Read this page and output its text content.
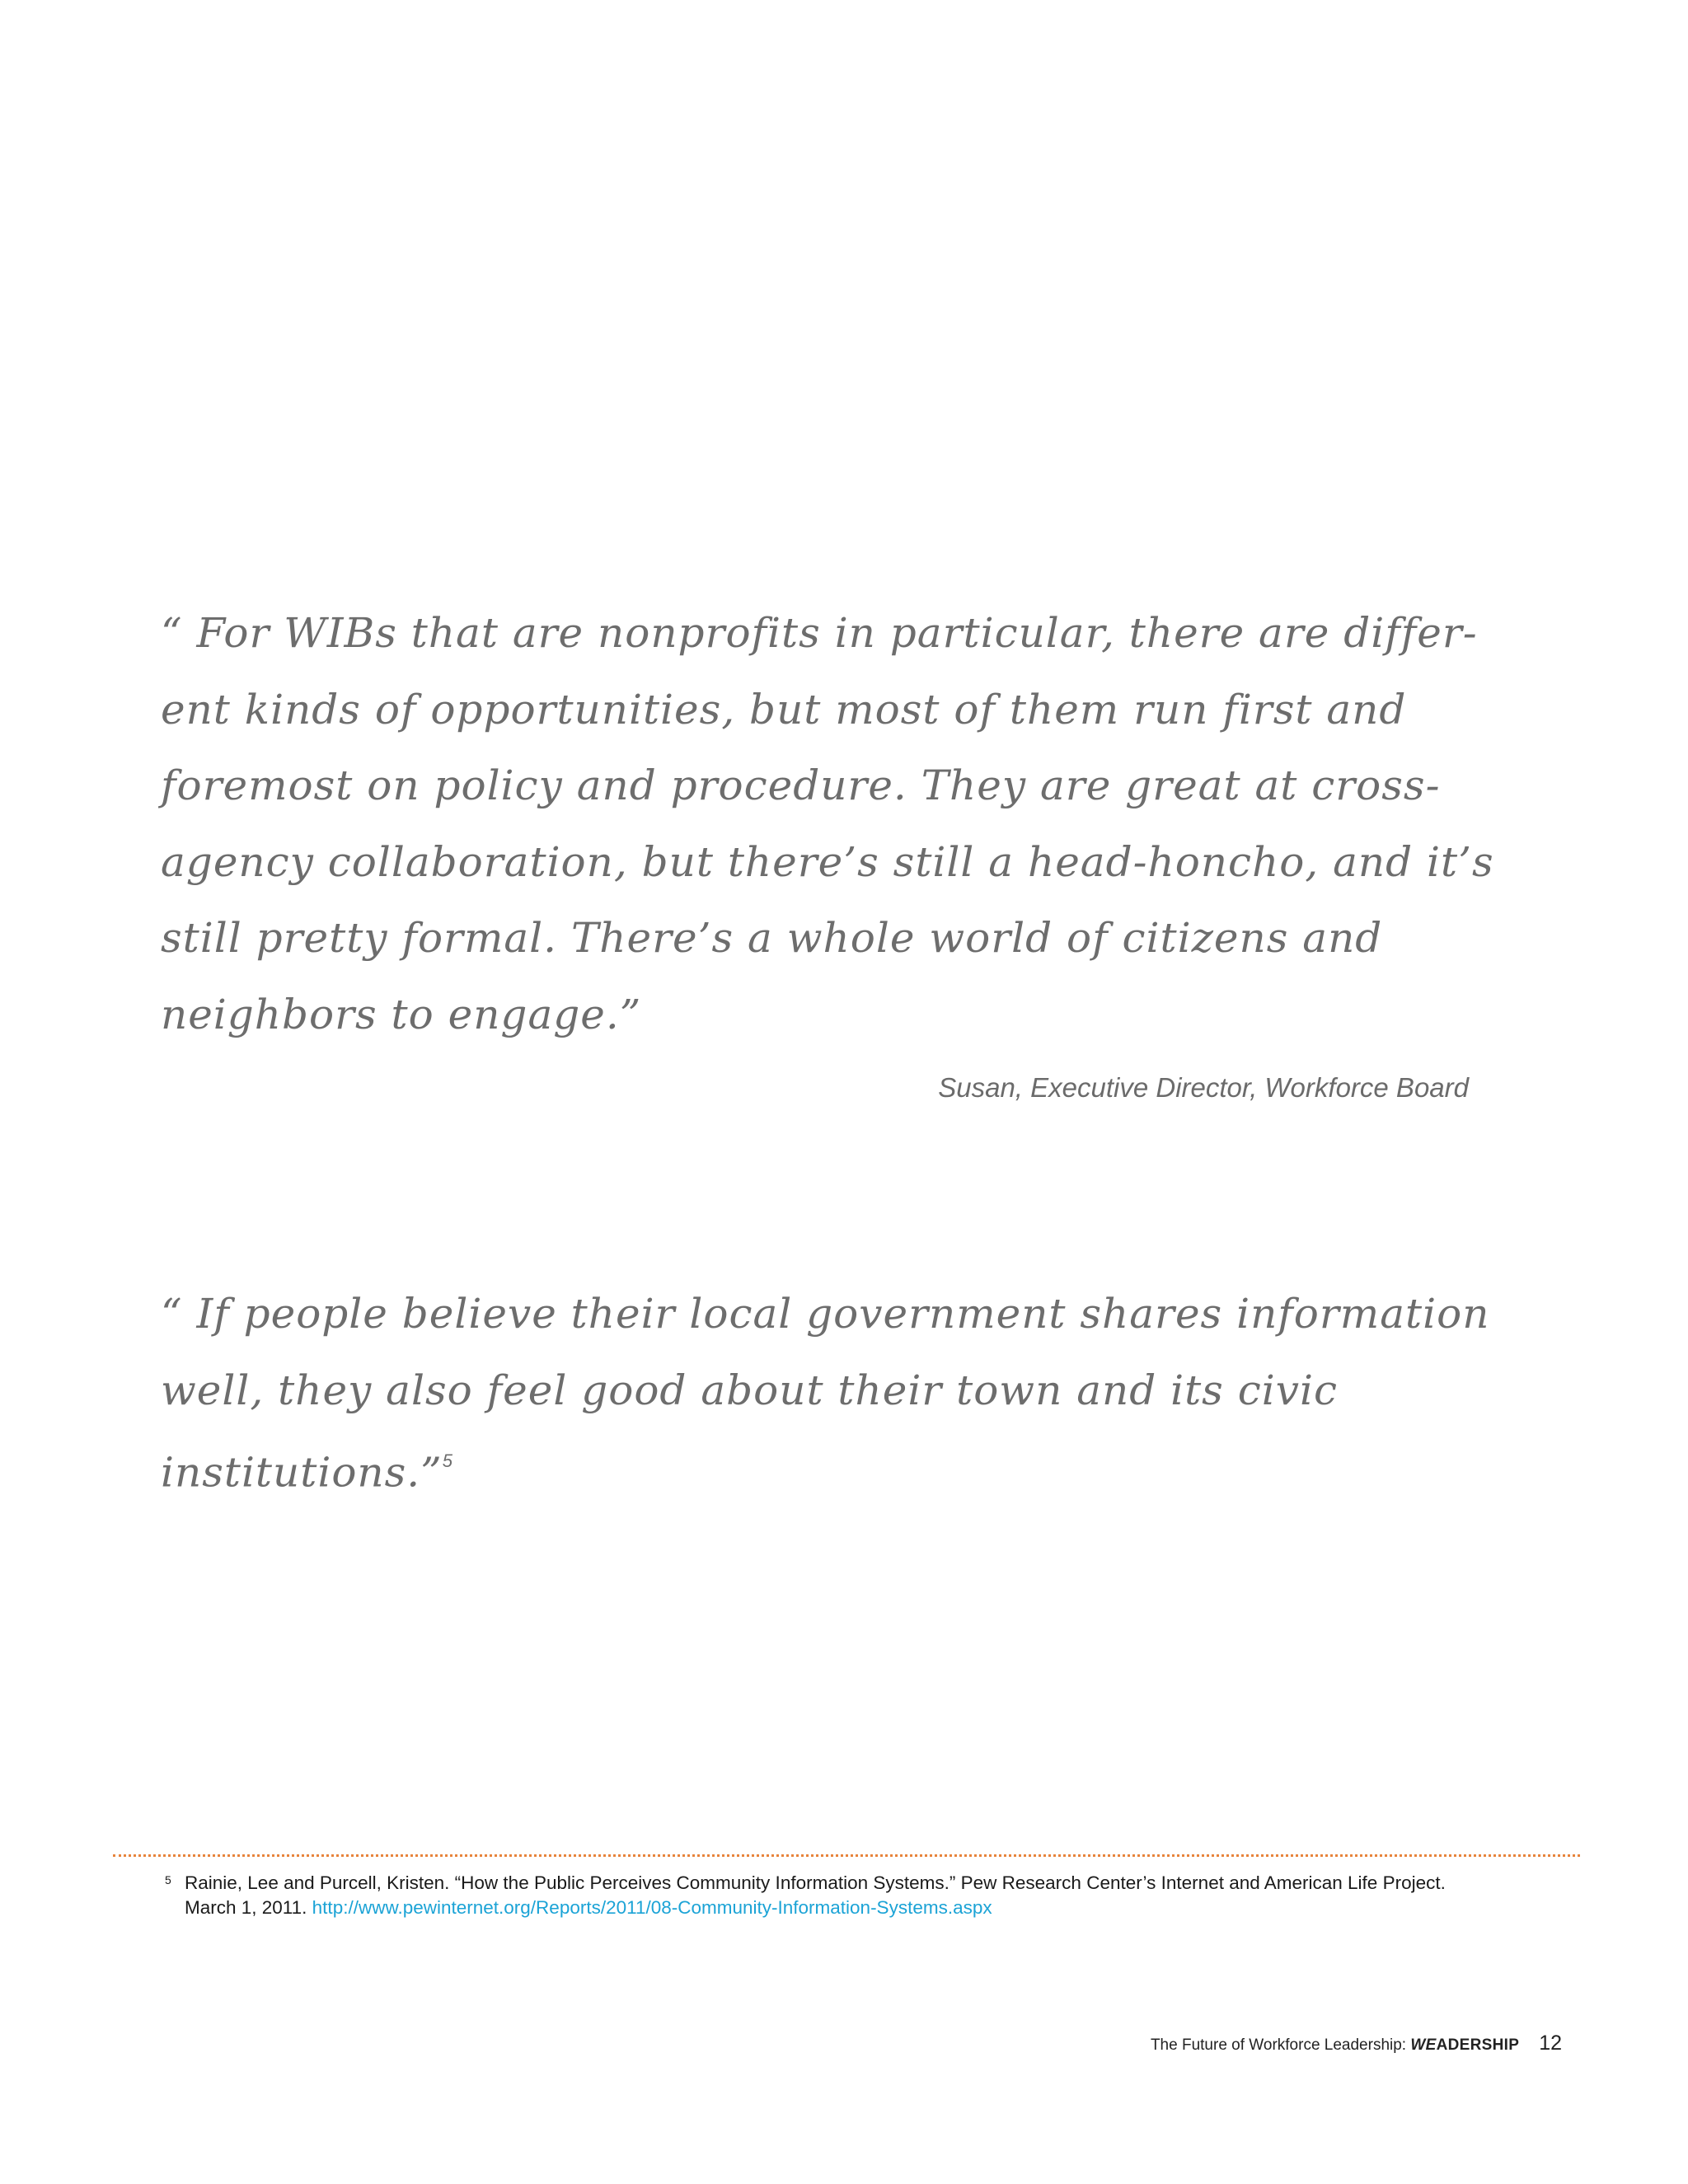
“ For WIBs that are nonprofits in particular, there are differ-
ent kinds of opportunities, but most of them run first and
foremost on policy and procedure. They are great at cross-
agency collaboration, but there’s still a head-honcho, and it’s
still pretty formal. There’s a whole world of citizens and
neighbors to engage.”
Susan, Executive Director, Workforce Board
“ If people believe their local government shares information
well, they also feel good about their town and its civic
institutions.”$^5$
5 Rainie, Lee and Purcell, Kristen. “How the Public Perceives Community Information Systems.” Pew Research Center’s Internet and American Life Project.
March 1, 2011. http://www.pewinternet.org/Reports/2011/08-Community-Information-Systems.aspx
The Future of Workforce Leadership: WEADERSHIP 12
